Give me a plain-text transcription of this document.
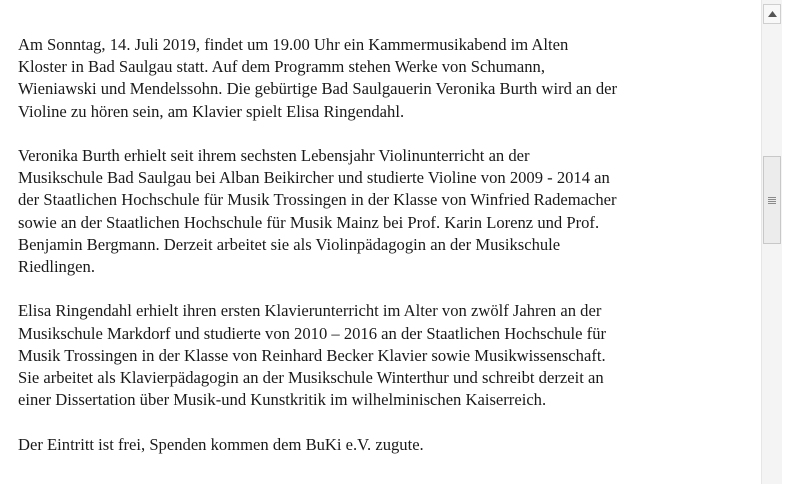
Am Sonntag, 14. Juli 2019, findet um 19.00 Uhr ein Kammermusikabend im Alten
Kloster in Bad Saulgau statt. Auf dem Programm stehen Werke von Schumann,
Wieniawski und Mendelssohn. Die gebürtige Bad Saulgauerin Veronika Burth wird an der
Violine zu hören sein, am Klavier spielt Elisa Ringendahl.

Veronika Burth erhielt seit ihrem sechsten Lebensjahr Violinunterricht an der
Musikschule Bad Saulgau bei Alban Beikircher und studierte Violine von 2009 - 2014 an
der Staatlichen Hochschule für Musik Trossingen in der Klasse von Winfried Rademacher
sowie an der Staatlichen Hochschule für Musik Mainz bei Prof. Karin Lorenz und Prof.
Benjamin Bergmann. Derzeit arbeitet sie als Violinpädagogin an der Musikschule
Riedlingen.

Elisa Ringendahl erhielt ihren ersten Klavierunterricht im Alter von zwölf Jahren an der
Musikschule Markdorf und studierte von 2010 – 2016 an der Staatlichen Hochschule für
Musik Trossingen in der Klasse von Reinhard Becker Klavier sowie Musikwissenschaft.
Sie arbeitet als Klavierpädagogin an der Musikschule Winterthur und schreibt derzeit an
einer Dissertation über Musik-und Kunstkritik im wilhelminischen Kaiserreich.

Der Eintritt ist frei, Spenden kommen dem BuKi e.V. zugute.
